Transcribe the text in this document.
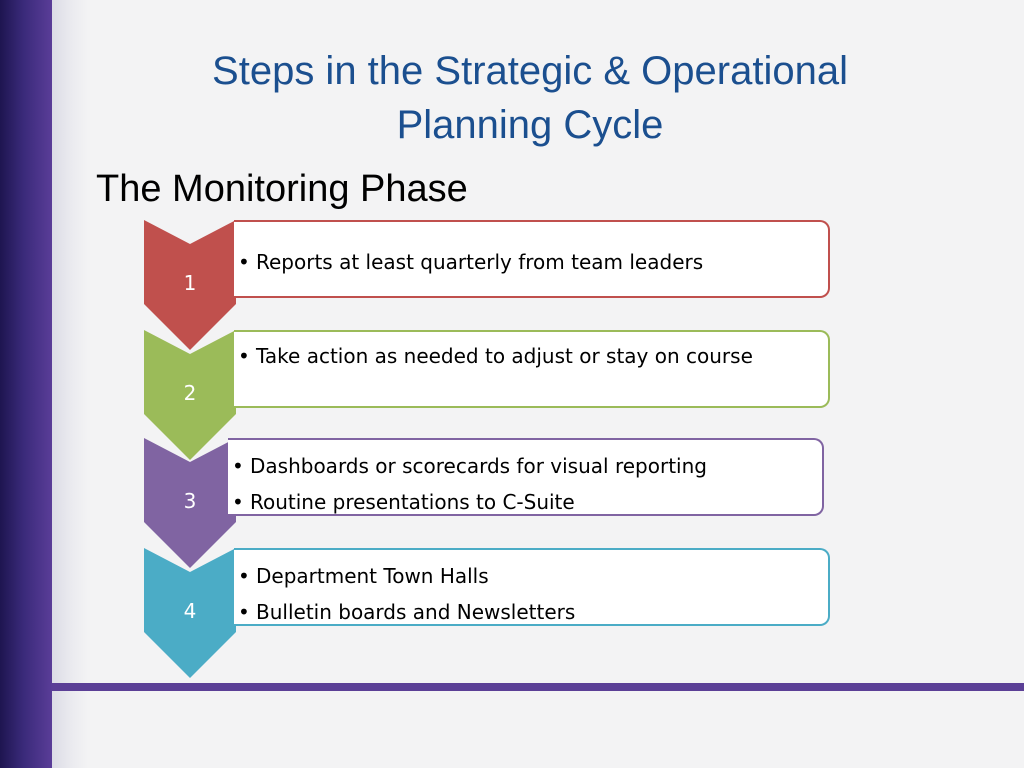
Steps in the Strategic & Operational
Planning Cycle
The Monitoring Phase
1
• Reports at least quarterly from team leaders
2
• Take action as needed to adjust or stay on course
3
• Dashboards or scorecards for visual reporting
• Routine presentations to C-Suite
4
• Department Town Halls
• Bulletin boards and Newsletters
